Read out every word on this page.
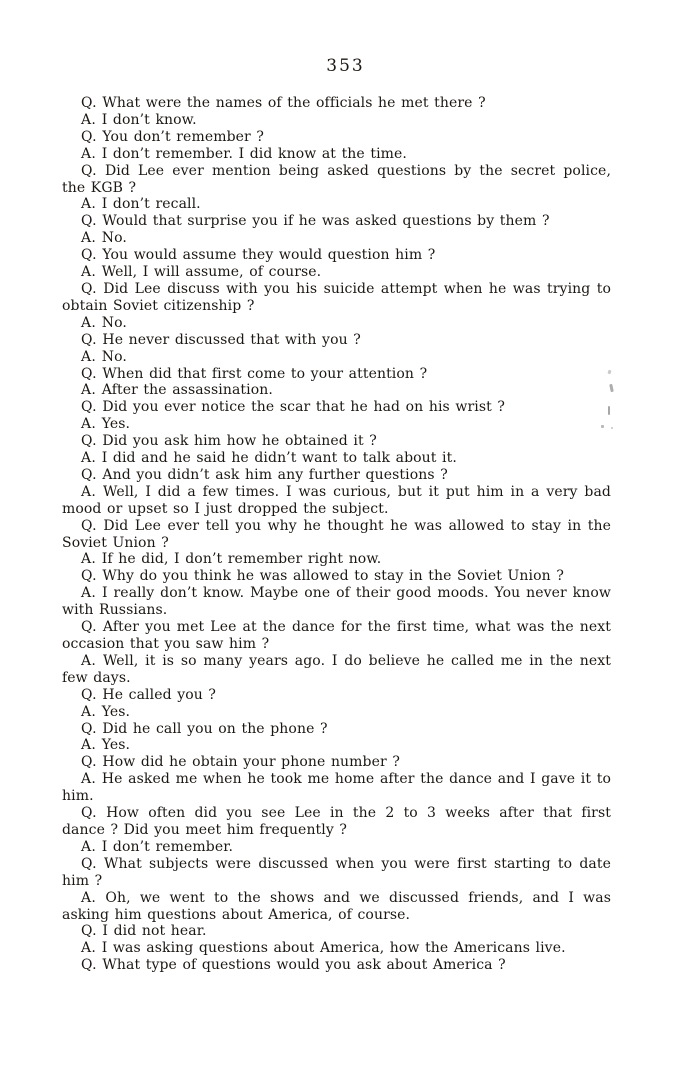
353

Q. What were the names of the officials he met there ?

A. I don’t know.

Q. You don’t remember ?

A. I don’t remember. I did know at the time.

Q. Did Lee ever mention being asked questions by the secret police, the KGB ?

A. I don’t recall.

Q. Would that surprise you if he was asked questions by them ?

A. No.

Q. You would assume they would question him ?

A. Well, I will assume, of course.

Q. Did Lee discuss with you his suicide attempt when he was trying to obtain Soviet citizenship ?

A. No.

Q. He never discussed that with you ?

A. No.

Q. When did that first come to your attention ?

A. After the assassination.

Q. Did you ever notice the scar that he had on his wrist ?

A. Yes.

Q. Did you ask him how he obtained it ?

A. I did and he said he didn’t want to talk about it.

Q. And you didn’t ask him any further questions ?

A. Well, I did a few times. I was curious, but it put him in a very bad mood or upset so I just dropped the subject.

Q. Did Lee ever tell you why he thought he was allowed to stay in the Soviet Union ?

A. If he did, I don’t remember right now.

Q. Why do you think he was allowed to stay in the Soviet Union ?

A. I really don’t know. Maybe one of their good moods. You never know with Russians.

Q. After you met Lee at the dance for the first time, what was the next occasion that you saw him ?

A. Well, it is so many years ago. I do believe he called me in the next few days.

Q. He called you ?

A. Yes.

Q. Did he call you on the phone ?

A. Yes.

Q. How did he obtain your phone number ?

A. He asked me when he took me home after the dance and I gave it to him.

Q. How often did you see Lee in the 2 to 3 weeks after that first dance ? Did you meet him frequently ?

A. I don’t remember.

Q. What subjects were discussed when you were first starting to date him ?

A. Oh, we went to the shows and we discussed friends, and I was asking him questions about America, of course.

Q. I did not hear.

A. I was asking questions about America, how the Americans live.

Q. What type of questions would you ask about America ?
